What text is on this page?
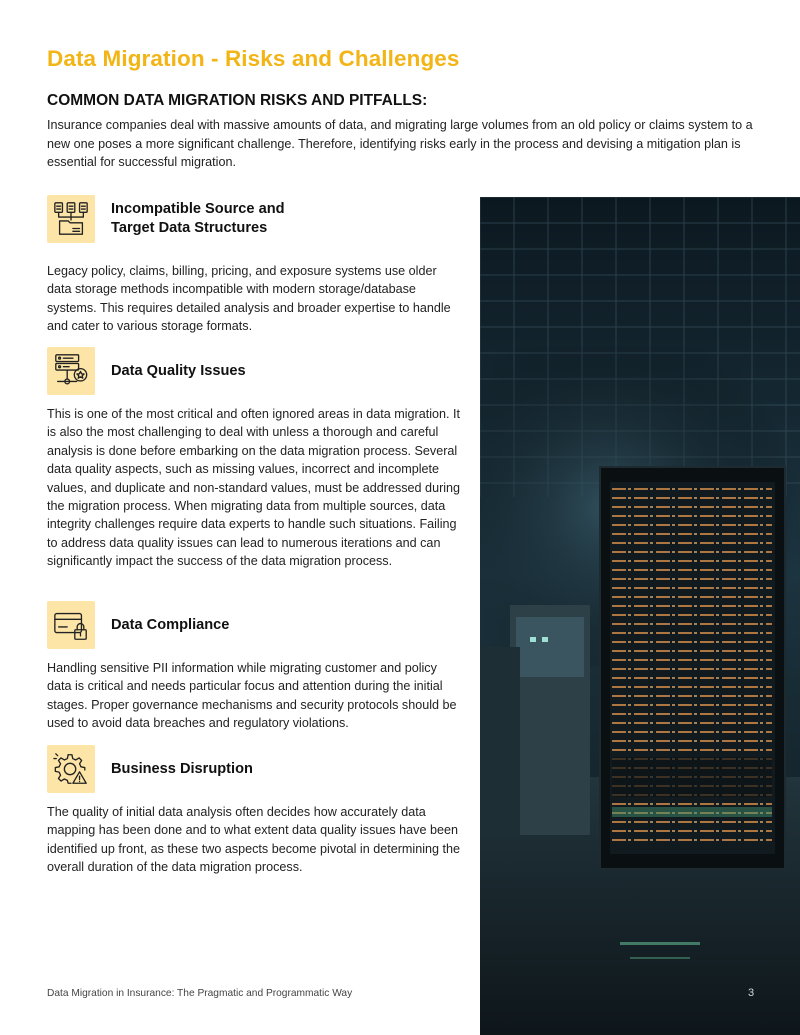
Data Migration - Risks and Challenges
COMMON DATA MIGRATION RISKS AND PITFALLS:

Insurance companies deal with massive amounts of data, and migrating large volumes from an old policy or claims system to a new one poses a more significant challenge. Therefore, identifying risks early in the process and devising a mitigation plan is essential for successful migration.

Incompatible Source and
Target Data Structures

Legacy policy, claims, billing, pricing, and exposure systems use older data storage methods incompatible with modern storage/database systems. This requires detailed analysis and broader expertise to handle and cater to various storage formats.

Data Quality Issues

This is one of the most critical and often ignored areas in data migration. It is also the most challenging to deal with unless a thorough and careful analysis is done before embarking on the data migration process. Several data quality aspects, such as missing values, incorrect and incomplete values, and duplicate and non-standard values, must be addressed during the migration process. When migrating data from multiple sources, data integrity challenges require data experts to handle such situations. Failing to address data quality issues can lead to numerous iterations and can significantly impact the success of the data migration process.

Data Compliance

Handling sensitive PII information while migrating customer and policy data is critical and needs particular focus and attention during the initial stages. Proper governance mechanisms and security protocols should be used to avoid data breaches and regulatory violations.

Business Disruption

The quality of initial data analysis often decides how accurately data mapping has been done and to what extent data quality issues have been identified up front, as these two aspects become pivotal in determining the overall duration of the data migration process.

Data Migration in Insurance: The Pragmatic and Programmatic Way	3
